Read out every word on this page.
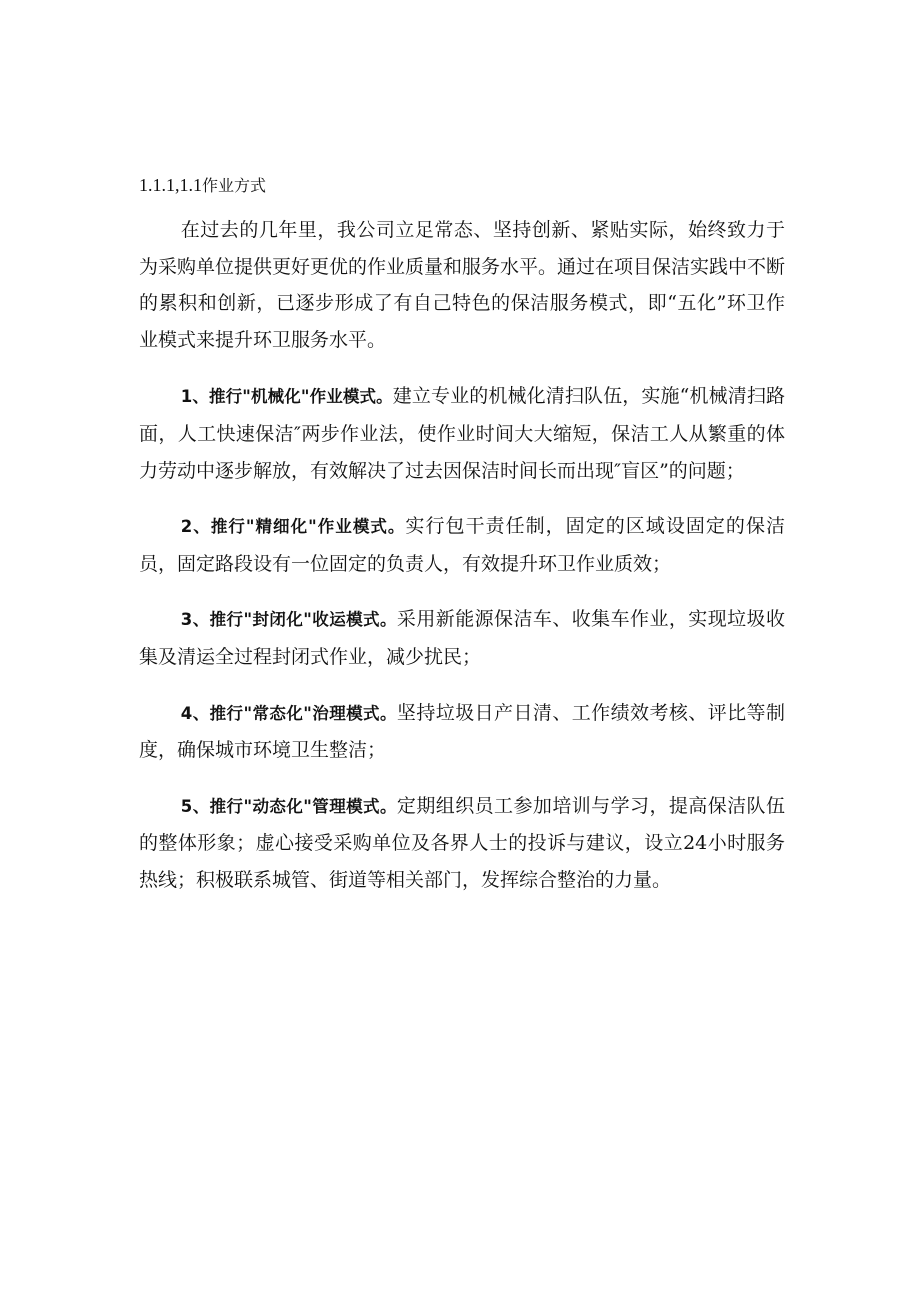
1.1.1,1.1作业方式

在过去的几年里，我公司立足常态、坚持创新、紧贴实际，始终致力于为采购单位提供更好更优的作业质量和服务水平。通过在项目保洁实践中不断的累积和创新，已逐步形成了有自己特色的保洁服务模式，即“五化”环卫作业模式来提升环卫服务水平。

1、推行"机械化"作业模式。建立专业的机械化清扫队伍，实施“机械清扫路面，人工快速保洁″两步作业法，使作业时间大大缩短，保洁工人从繁重的体力劳动中逐步解放，有效解决了过去因保洁时间长而出现″盲区”的问题；

2、推行"精细化"作业模式。实行包干责任制，固定的区域设固定的保洁员，固定路段设有一位固定的负责人，有效提升环卫作业质效；

3、推行"封闭化"收运模式。采用新能源保洁车、收集车作业，实现垃圾收集及清运全过程封闭式作业，减少扰民；

4、推行"常态化"治理模式。坚持垃圾日产日清、工作绩效考核、评比等制度，确保城市环境卫生整洁；

5、推行"动态化"管理模式。定期组织员工参加培训与学习，提高保洁队伍的整体形象；虚心接受采购单位及各界人士的投诉与建议，设立24小时服务热线；积极联系城管、街道等相关部门，发挥综合整治的力量。
